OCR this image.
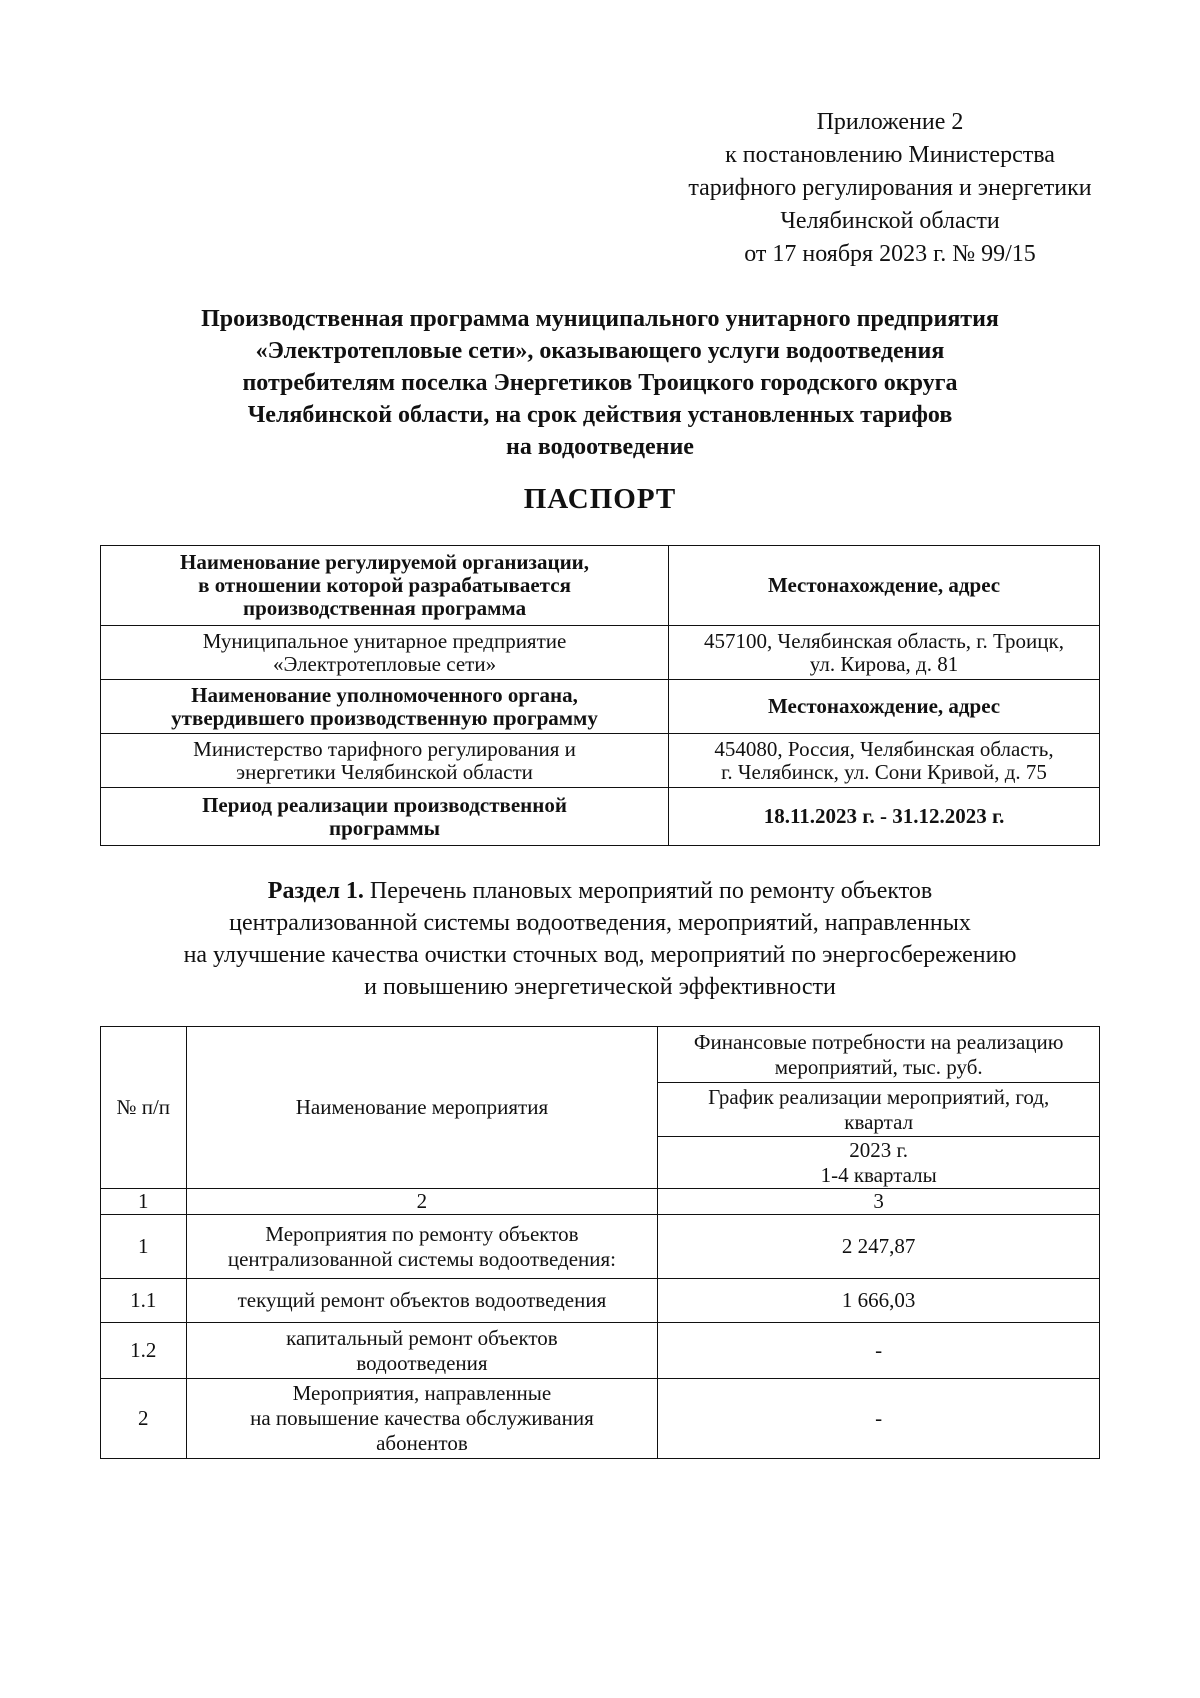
Приложение 2
к постановлению Министерства
тарифного регулирования и энергетики
Челябинской области
от 17 ноября 2023 г. № 99/15
Производственная программа муниципального унитарного предприятия
«Электротепловые сети», оказывающего услуги водоотведения
потребителям поселка Энергетиков Троицкого городского округа
Челябинской области, на срок действия установленных тарифов
на водоотведение
ПАСПОРТ
Наименование регулируемой организации,
в отношении которой разрабатывается
производственная программа	Местонахождение, адрес

Муниципальное унитарное предприятие
«Электротепловые сети»	457100, Челябинская область, г. Троицк,
ул. Кирова, д. 81

Наименование уполномоченного органа,
утвердившего производственную программу	Местонахождение, адрес

Министерство тарифного регулирования и
энергетики Челябинской области	454080, Россия, Челябинская область,
г. Челябинск, ул. Сони Кривой, д. 75

Период реализации производственной
программы	18.11.2023 г. - 31.12.2023 г.
Раздел 1. Перечень плановых мероприятий по ремонту объектов
централизованной системы водоотведения, мероприятий, направленных
на улучшение качества очистки сточных вод, мероприятий по энергосбережению
и повышению энергетической эффективности
№ п/п	Наименование мероприятия	Финансовые потребности на реализацию
мероприятий, тыс. руб.

		График реализации мероприятий, год,
квартал

		2023 г.
1-4 кварталы

1	2	3
1	Мероприятия по ремонту объектов
централизованной системы водоотведения:	2 247,87
1.1	текущий ремонт объектов водоотведения	1 666,03
1.2	капитальный ремонт объектов
водоотведения	-
2	Мероприятия, направленные
на повышение качества обслуживания
абонентов	-
